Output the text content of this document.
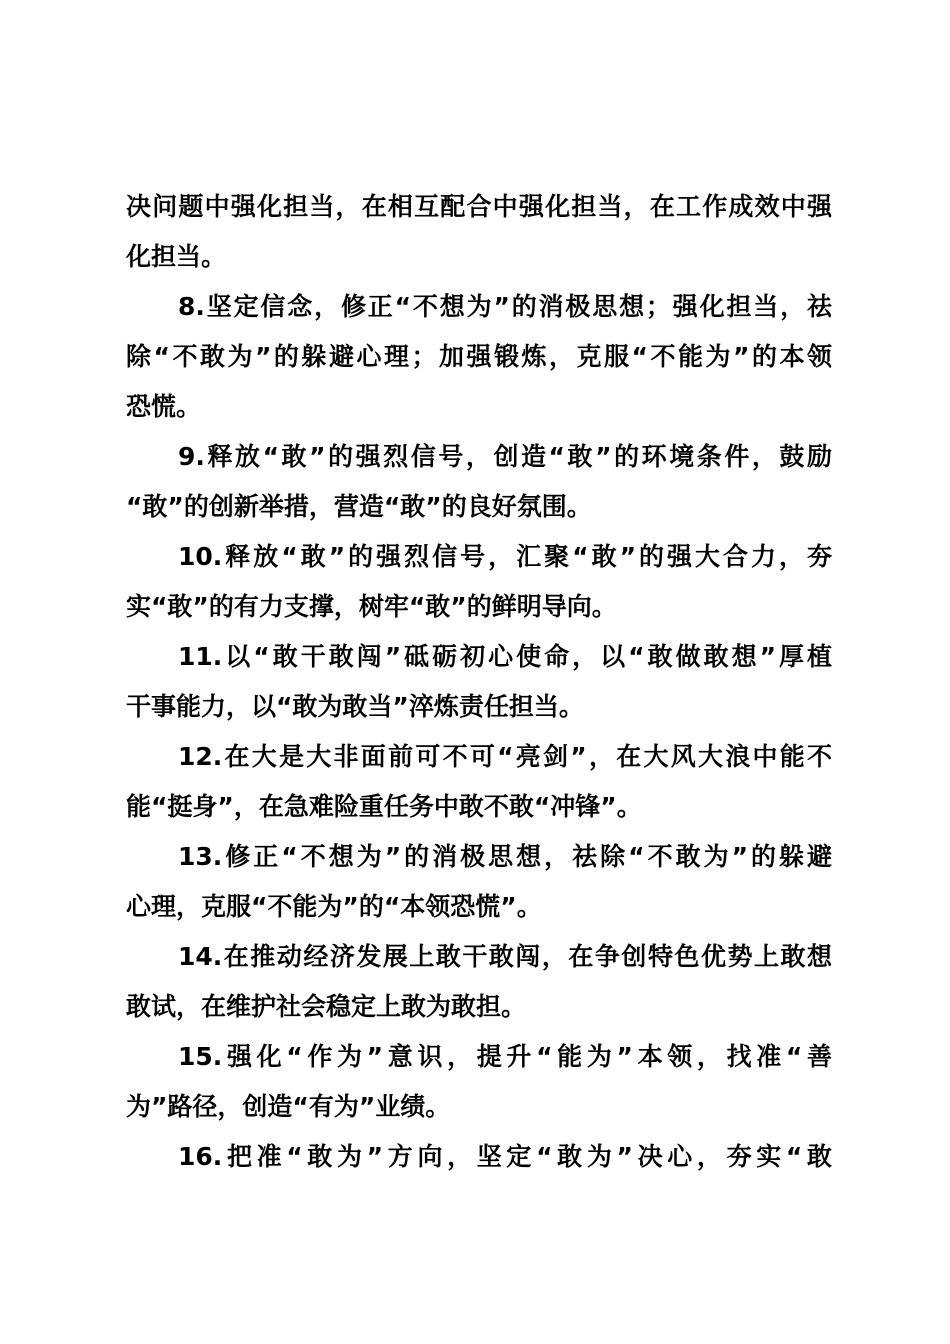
决问题中强化担当，在相互配合中强化担当，在工作成效中强
化担当。
8.坚定信念，修正“不想为”的消极思想；强化担当，祛
除“不敢为”的躲避心理；加强锻炼，克服“不能为”的本领
恐慌。
9.释放“敢”的强烈信号，创造“敢”的环境条件，鼓励
“敢”的创新举措，营造“敢”的良好氛围。
10.释放“敢”的强烈信号，汇聚“敢”的强大合力，夯
实“敢”的有力支撑，树牢“敢”的鲜明导向。
11.以“敢干敢闯”砥砺初心使命，以“敢做敢想”厚植
干事能力，以“敢为敢当”淬炼责任担当。
12.在大是大非面前可不可“亮剑”，在大风大浪中能不
能“挺身”，在急难险重任务中敢不敢“冲锋”。
13.修正“不想为”的消极思想，祛除“不敢为”的躲避
心理，克服“不能为”的“本领恐慌”。
14.在推动经济发展上敢干敢闯，在争创特色优势上敢想
敢试，在维护社会稳定上敢为敢担。
15.强化“作为”意识，提升“能为”本领，找准“善
为”路径，创造“有为”业绩。
16.把准“敢为”方向，坚定“敢为”决心，夯实“敢
